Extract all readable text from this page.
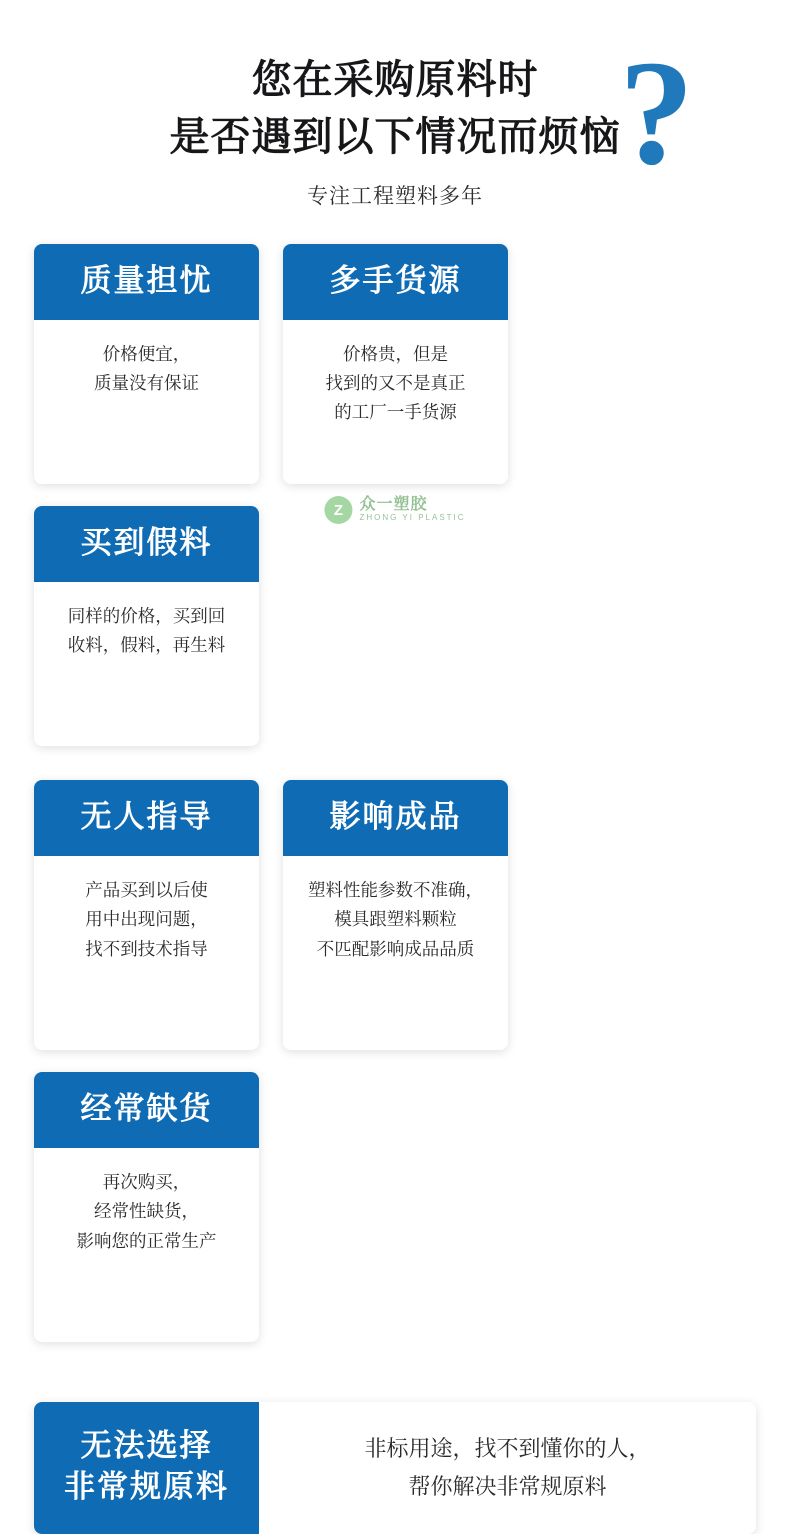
?
您在采购原料时
是否遇到以下情况而烦恼
专注工程塑料多年
质量担忧
价格便宜，
质量没有保证
多手货源
价格贵，但是
找到的又不是真正
的工厂一手货源
买到假料
同样的价格，买到回
收料，假料，再生料
无人指导
产品买到以后使
用中出现问题，
找不到技术指导
影响成品
塑料性能参数不准确，
模具跟塑料颗粒
不匹配影响成品品质
经常缺货
再次购买，
经常性缺货，
影响您的正常生产
无法选择
非常规原料
非标用途，找不到懂你的人，
帮你解决非常规原料
Z	众一塑胶
ZHONG YI PLASTIC
